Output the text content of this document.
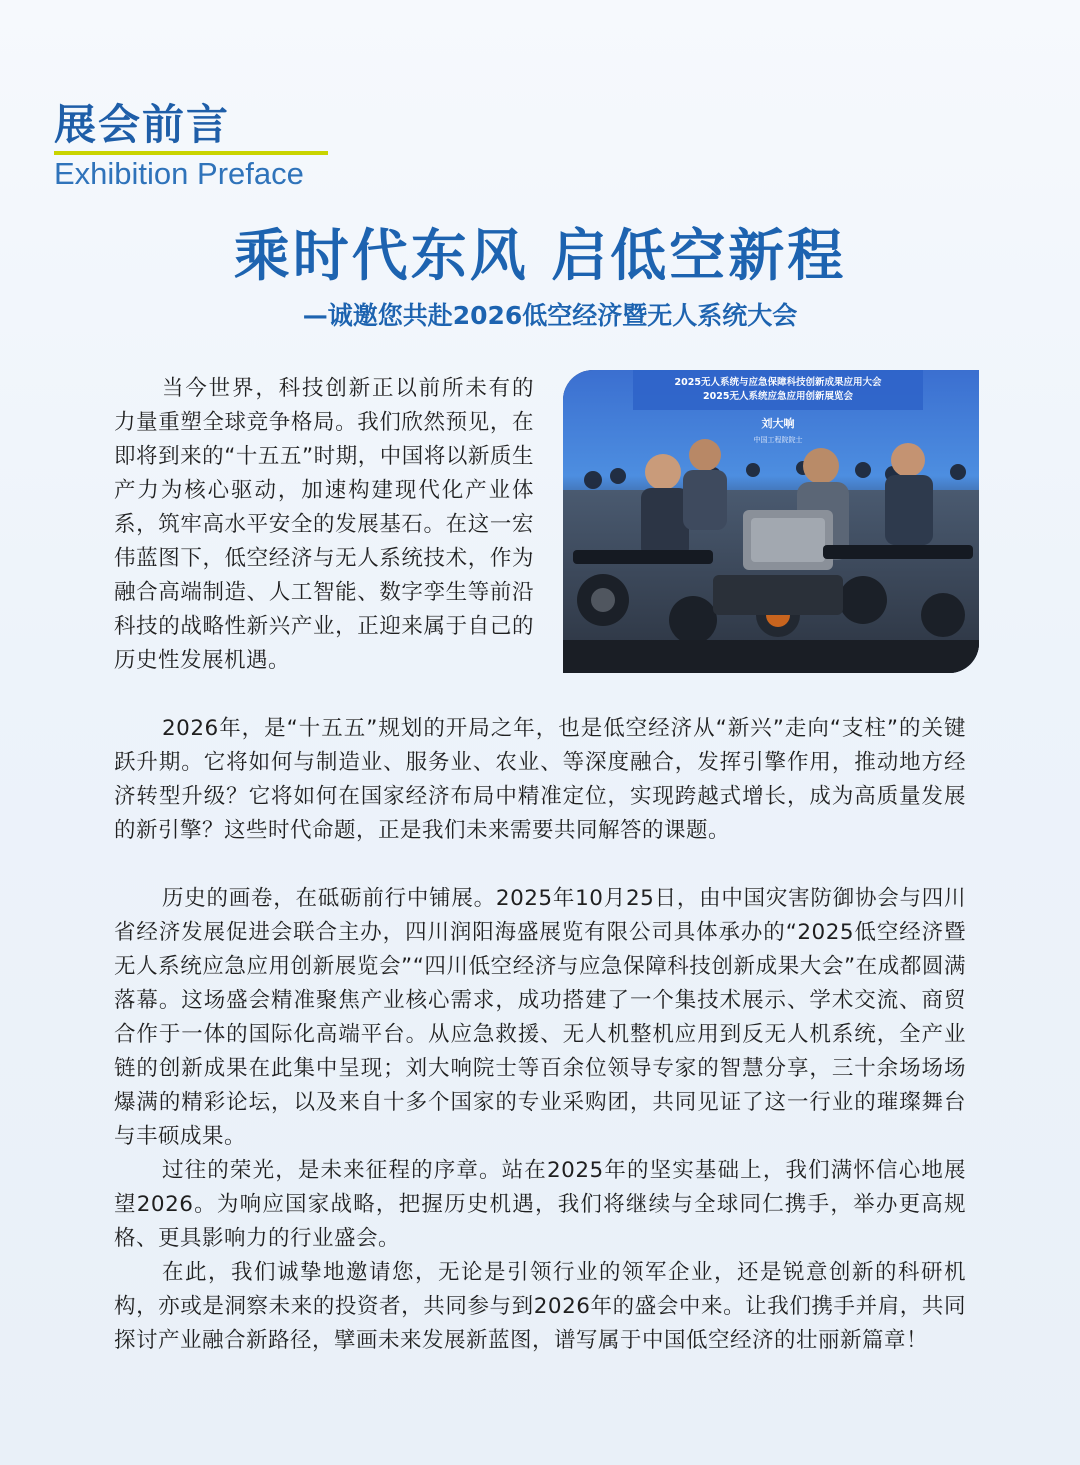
展会前言
Exhibition Preface
乘时代东风 启低空新程
—诚邀您共赴2026低空经济暨无人系统大会
2025无人系统与应急保障科技创新成果应用大会
2025无人系统应急应用创新展览会
刘大响
中国工程院院士

当今世界，科技创新正以前所未有的力量重塑全球竞争格局。我们欣然预见，在即将到来的“十五五”时期，中国将以新质生产力为核心驱动，加速构建现代化产业体系，筑牢高水平安全的发展基石。在这一宏伟蓝图下，低空经济与无人系统技术，作为融合高端制造、人工智能、数字孪生等前沿科技的战略性新兴产业，正迎来属于自己的历史性发展机遇。

2026年，是“十五五”规划的开局之年，也是低空经济从“新兴”走向“支柱”的关键跃升期。它将如何与制造业、服务业、农业、等深度融合，发挥引擎作用，推动地方经济转型升级？它将如何在国家经济布局中精准定位，实现跨越式增长，成为高质量发展的新引擎？这些时代命题，正是我们未来需要共同解答的课题。

历史的画卷，在砥砺前行中铺展。2025年10月25日，由中国灾害防御协会与四川省经济发展促进会联合主办，四川润阳海盛展览有限公司具体承办的“2025低空经济暨无人系统应急应用创新展览会”“四川低空经济与应急保障科技创新成果大会”在成都圆满落幕。这场盛会精准聚焦产业核心需求，成功搭建了一个集技术展示、学术交流、商贸合作于一体的国际化高端平台。从应急救援、无人机整机应用到反无人机系统，全产业链的创新成果在此集中呈现；刘大响院士等百余位领导专家的智慧分享，三十余场场场爆满的精彩论坛，以及来自十多个国家的专业采购团，共同见证了这一行业的璀璨舞台与丰硕成果。

过往的荣光，是未来征程的序章。站在2025年的坚实基础上，我们满怀信心地展望2026。为响应国家战略，把握历史机遇，我们将继续与全球同仁携手，举办更高规格、更具影响力的行业盛会。

在此，我们诚挚地邀请您，无论是引领行业的领军企业，还是锐意创新的科研机构，亦或是洞察未来的投资者，共同参与到2026年的盛会中来。让我们携手并肩，共同探讨产业融合新路径，擘画未来发展新蓝图，谱写属于中国低空经济的壮丽新篇章！
